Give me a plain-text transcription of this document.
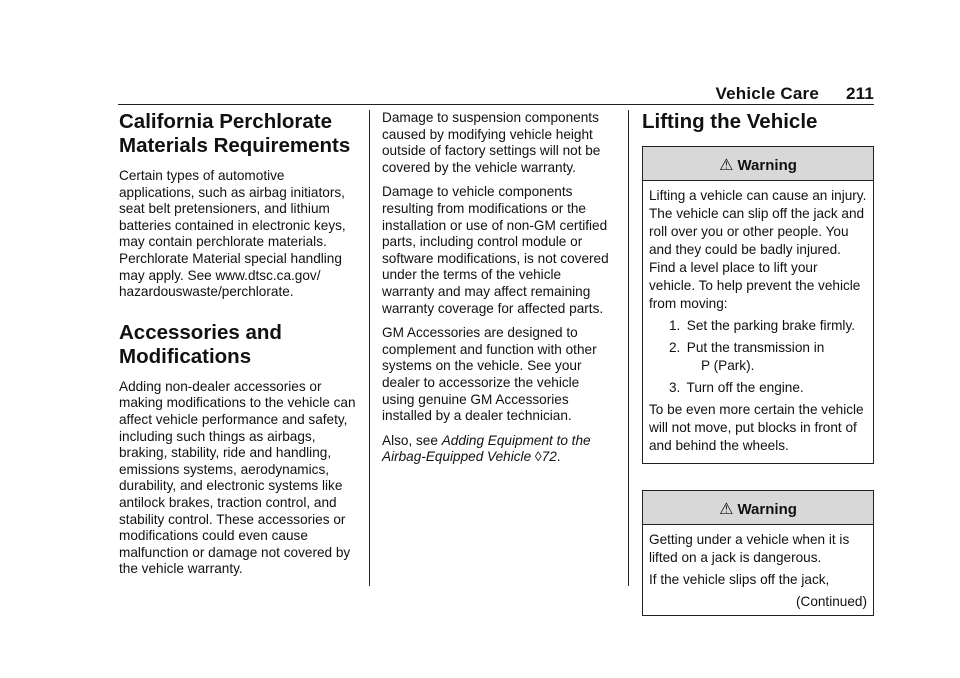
Vehicle Care 211
California Perchlorate Materials Requirements

Certain types of automotive applications, such as airbag initiators, seat belt pretensioners, and lithium batteries contained in electronic keys, may contain perchlorate materials. Perchlorate Material special handling may apply. See www.dtsc.ca.gov/ hazardouswaste/perchlorate.

Accessories and Modifications

Adding non-dealer accessories or making modifications to the vehicle can affect vehicle performance and safety, including such things as airbags, braking, stability, ride and handling, emissions systems, aerodynamics, durability, and electronic systems like antilock brakes, traction control, and stability control. These accessories or modifications could even cause malfunction or damage not covered by the vehicle warranty.

Damage to suspension components caused by modifying vehicle height outside of factory settings will not be covered by the vehicle warranty.

Damage to vehicle components resulting from modifications or the installation or use of non-GM certified parts, including control module or software modifications, is not covered under the terms of the vehicle warranty and may affect remaining warranty coverage for affected parts.

GM Accessories are designed to complement and function with other systems on the vehicle. See your dealer to accessorize the vehicle using genuine GM Accessories installed by a dealer technician.

Also, see Adding Equipment to the Airbag-Equipped Vehicle ◊72.

Lifting the Vehicle
⚠ Warning

Lifting a vehicle can cause an injury. The vehicle can slip off the jack and roll over you or other people. You and they could be badly injured. Find a level place to lift your vehicle. To help prevent the vehicle from moving:

1. Set the parking brake firmly.
2. Put the transmission in
P (Park).
3. Turn off the engine.

To be even more certain the vehicle will not move, put blocks in front of and behind the wheels.

⚠ Warning

Getting under a vehicle when it is lifted on a jack is dangerous.

If the vehicle slips off the jack,

(Continued)
